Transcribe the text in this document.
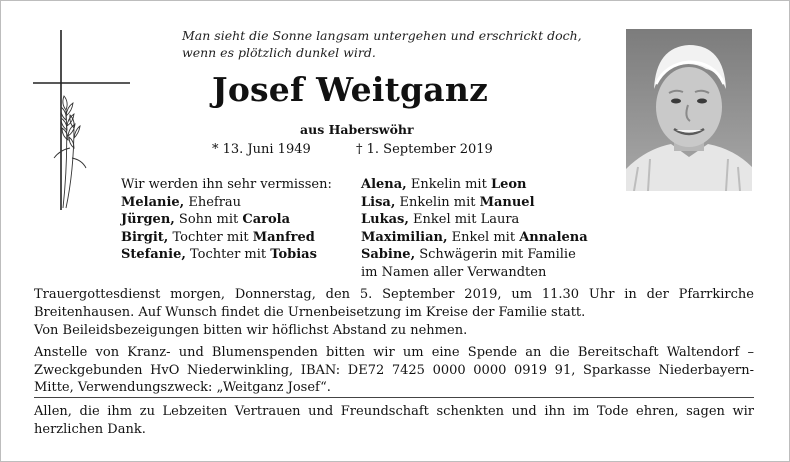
Man sieht die Sonne langsam untergehen und erschrickt doch,
wenn es plötzlich dunkel wird.
Josef Weitganz
aus Haberswöhr
* 13. Juni 1949	† 1. September 2019
Wir werden ihn sehr vermissen:
Melanie, Ehefrau
Jürgen, Sohn mit Carola
Birgit, Tochter mit Manfred
Stefanie, Tochter mit Tobias
Alena, Enkelin mit Leon
Lisa, Enkelin mit Manuel
Lukas, Enkel mit Laura
Maximilian, Enkel mit Annalena
Sabine, Schwägerin mit Familie
im Namen aller Verwandten
Trauergottesdienst morgen, Donnerstag, den 5. September 2019, um 11.30 Uhr in der Pfarrkirche Breitenhausen. Auf Wunsch findet die Urnenbeisetzung im Kreise der Familie statt.
Von Beileidsbezeigungen bitten wir höflichst Abstand zu nehmen.
Anstelle von Kranz- und Blumenspenden bitten wir um eine Spende an die Bereitschaft Waltendorf – Zweckgebunden HvO Niederwinkling, IBAN: DE72 7425 0000 0000 0919 91, Sparkasse Niederbayern-Mitte, Verwendungszweck: „Weitganz Josef“.
Allen, die ihm zu Lebzeiten Vertrauen und Freundschaft schenkten und ihn im Tode ehren, sagen wir herzlichen Dank.
